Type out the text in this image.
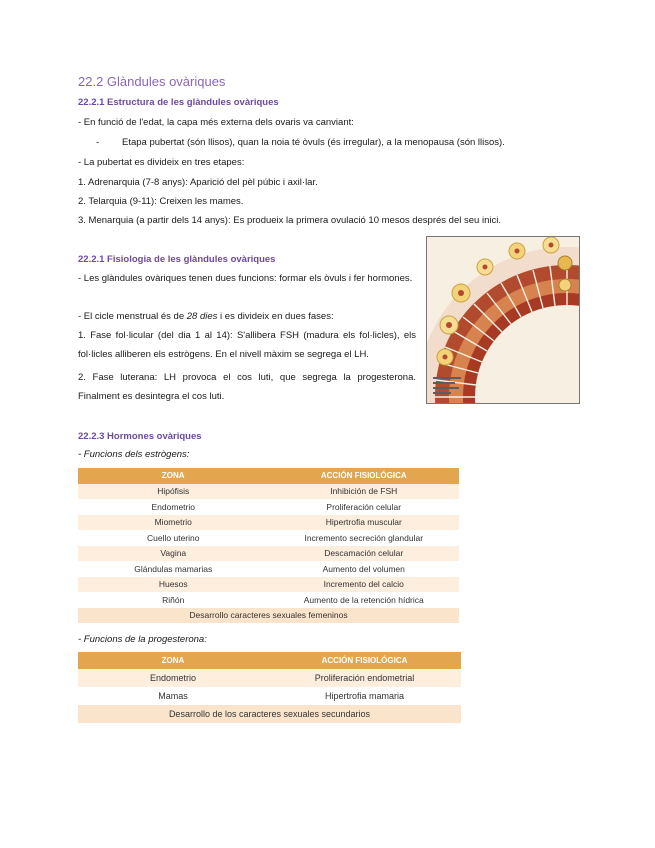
22.2 Glàndules ovàriques
22.2.1 Estructura de les glàndules ovàriques
- En funció de l'edat, la capa més externa dels ovaris va canviant:
- Etapa pubertat (són llisos), quan la noia té òvuls (és irregular), a la menopausa (són llisos).
- La pubertat es divideix en tres etapes:
1. Adrenarquia (7-8 anys): Aparició del pèl púbic i axil·lar.
2. Telarquia (9-11): Creixen les mames.
3. Menarquia (a partir dels 14 anys): Es produeix la primera ovulació 10 mesos després del seu inici.
22.2.1 Fisiologia de les glàndules ovàriques
- Les glàndules ovàriques tenen dues funcions: formar els òvuls i fer hormones.
- El cicle menstrual és de 28 dies i es divideix en dues fases:
1. Fase fol·licular (del dia 1 al 14): S'allibera FSH (madura els fol·licles), els fol·licles alliberen els estrògens. En el nivell màxim se segrega el LH.
2. Fase luterana: LH provoca el cos luti, que segrega la progesterona. Finalment es desintegra el cos luti.
22.2.3 Hormones ovàriques
- Funcions dels estrògens:
ZONA	ACCIÓN FISIOLÓGICA
Hipófisis	Inhibición de FSH
Endometrio	Proliferación celular
Miometrio	Hipertrofia muscular
Cuello uterino	Incremento secreción glandular
Vagina	Descamación celular
Glándulas mamarias	Aumento del volumen
Huesos	Incremento del calcio
Riñón	Aumento de la retención hídrica
Desarrollo caracteres sexuales femeninos	
- Funcions de la progesterona:
ZONA	ACCIÓN FISIOLÓGICA
Endometrio	Proliferación endometrial
Mamas	Hipertrofia mamaria
Desarrollo de los caracteres sexuales secundarios	
